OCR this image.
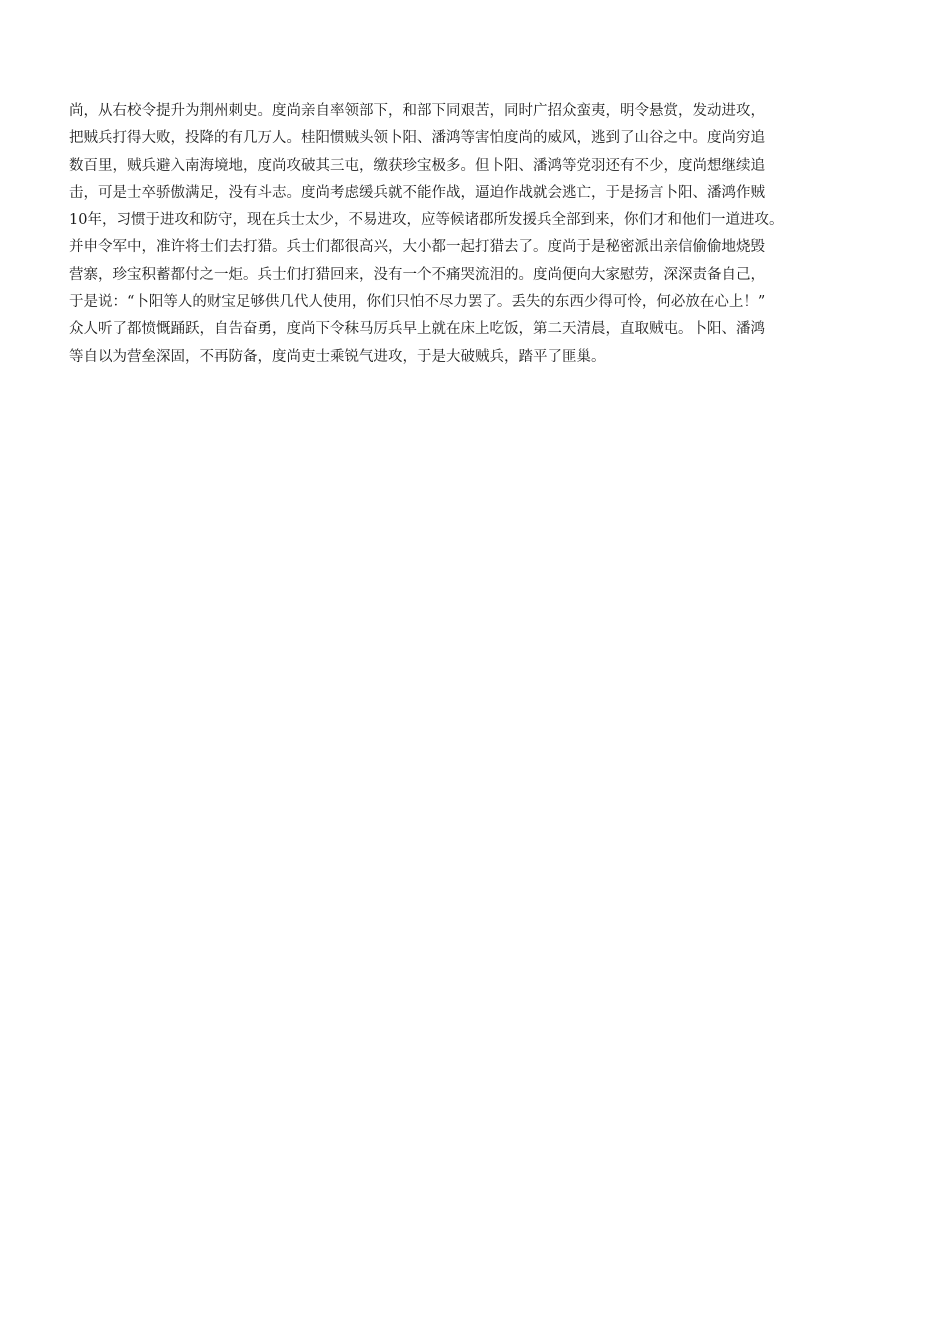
尚，从右校令提升为荆州刺史。度尚亲自率领部下，和部下同艰苦，同时广招众蛮夷，明令悬赏，发动进攻，
把贼兵打得大败，投降的有几万人。桂阳惯贼头领卜阳、潘鸿等害怕度尚的威风，逃到了山谷之中。度尚穷追
数百里，贼兵避入南海境地，度尚攻破其三屯，缴获珍宝极多。但卜阳、潘鸿等党羽还有不少，度尚想继续追
击，可是士卒骄傲满足，没有斗志。度尚考虑缓兵就不能作战，逼迫作战就会逃亡，于是扬言卜阳、潘鸿作贼
10年，习惯于进攻和防守，现在兵士太少，不易进攻，应等候诸郡所发援兵全部到来，你们才和他们一道进攻。
并申令军中，准许将士们去打猎。兵士们都很高兴，大小都一起打猎去了。度尚于是秘密派出亲信偷偷地烧毁
营寨，珍宝积蓄都付之一炬。兵士们打猎回来，没有一个不痛哭流泪的。度尚便向大家慰劳，深深责备自己，
于是说：“卜阳等人的财宝足够供几代人使用，你们只怕不尽力罢了。丢失的东西少得可怜，何必放在心上！”
众人听了都愤慨踊跃，自告奋勇，度尚下令秣马厉兵早上就在床上吃饭，第二天清晨，直取贼屯。卜阳、潘鸿
等自以为营垒深固，不再防备，度尚吏士乘锐气进攻，于是大破贼兵，踏平了匪巢。
